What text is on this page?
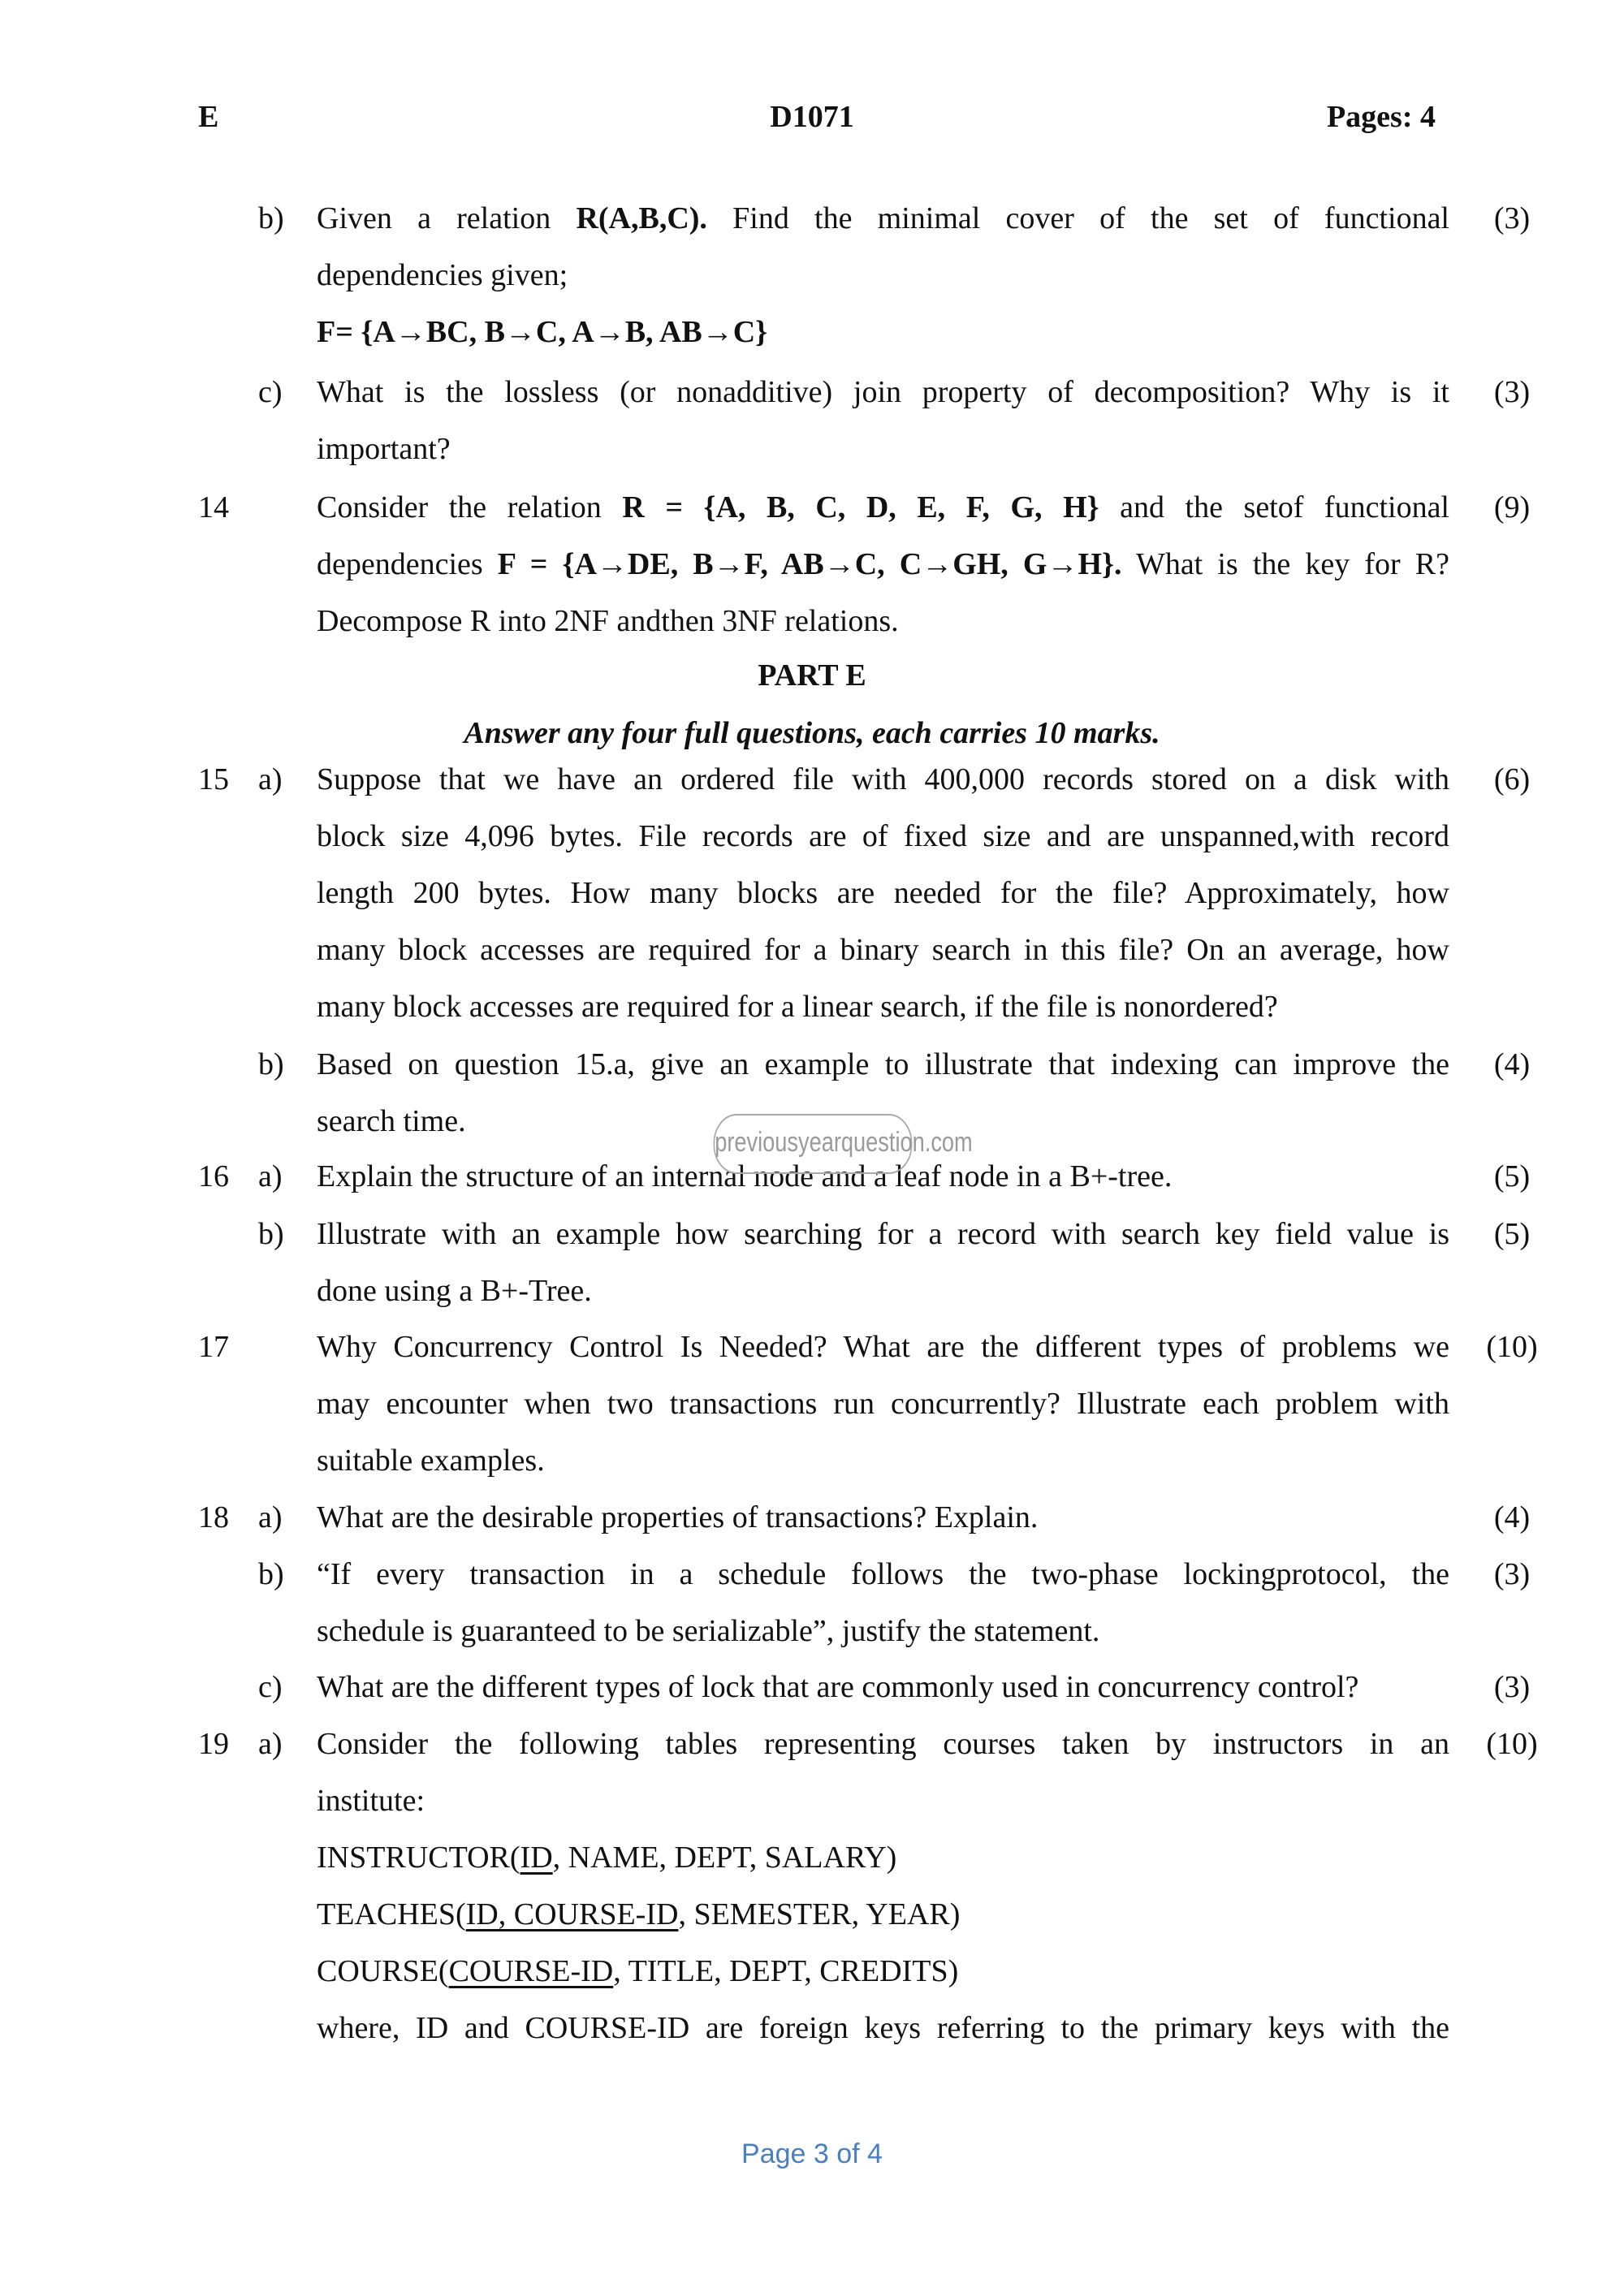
E	D1071	Pages: 4
b) Given a relation R(A,B,C). Find the minimal cover of the set of functional
dependencies given;
F= {A→BC, B→C, A→B, AB→C}
(3)
c) What is the lossless (or nonadditive) join property of decomposition? Why is it
important?
(3)
14	Consider the relation R = {A, B, C, D, E, F, G, H} and the setof functional
dependencies F = {A→DE, B→F, AB→C, C→GH, G→H}. What is the key for R?
Decompose R into 2NF andthen 3NF relations.
(9)
PART E
Answer any four full questions, each carries 10 marks.
15 a) Suppose that we have an ordered file with 400,000 records stored on a disk with
block size 4,096 bytes. File records are of fixed size and are unspanned,with record
length 200 bytes. How many blocks are needed for the file? Approximately, how
many block accesses are required for a binary search in this file? On an average, how
many block accesses are required for a linear search, if the file is nonordered?
(6)
b) Based on question 15.a, give an example to illustrate that indexing can improve the
search time.
(4)
16 a) Explain the structure of an internal node and a leaf node in a B+-tree.	(5)
b) Illustrate with an example how searching for a record with search key field value is
done using a B+-Tree.
(5)
17	Why Concurrency Control Is Needed? What are the different types of problems we
may encounter when two transactions run concurrently? Illustrate each problem with
suitable examples.
(10)
18 a) What are the desirable properties of transactions? Explain.	(4)
b) “If every transaction in a schedule follows the two-phase lockingprotocol, the
schedule is guaranteed to be serializable”, justify the statement.
(3)
c) What are the different types of lock that are commonly used in concurrency control?	(3)
19 a) Consider the following tables representing courses taken by instructors in an
institute:
INSTRUCTOR(ID, NAME, DEPT, SALARY)
TEACHES(ID, COURSE-ID, SEMESTER, YEAR)
COURSE(COURSE-ID, TITLE, DEPT, CREDITS)
where, ID and COURSE-ID are foreign keys referring to the primary keys with the
(10)
previousyearquestion.com
Page 3 of 4
